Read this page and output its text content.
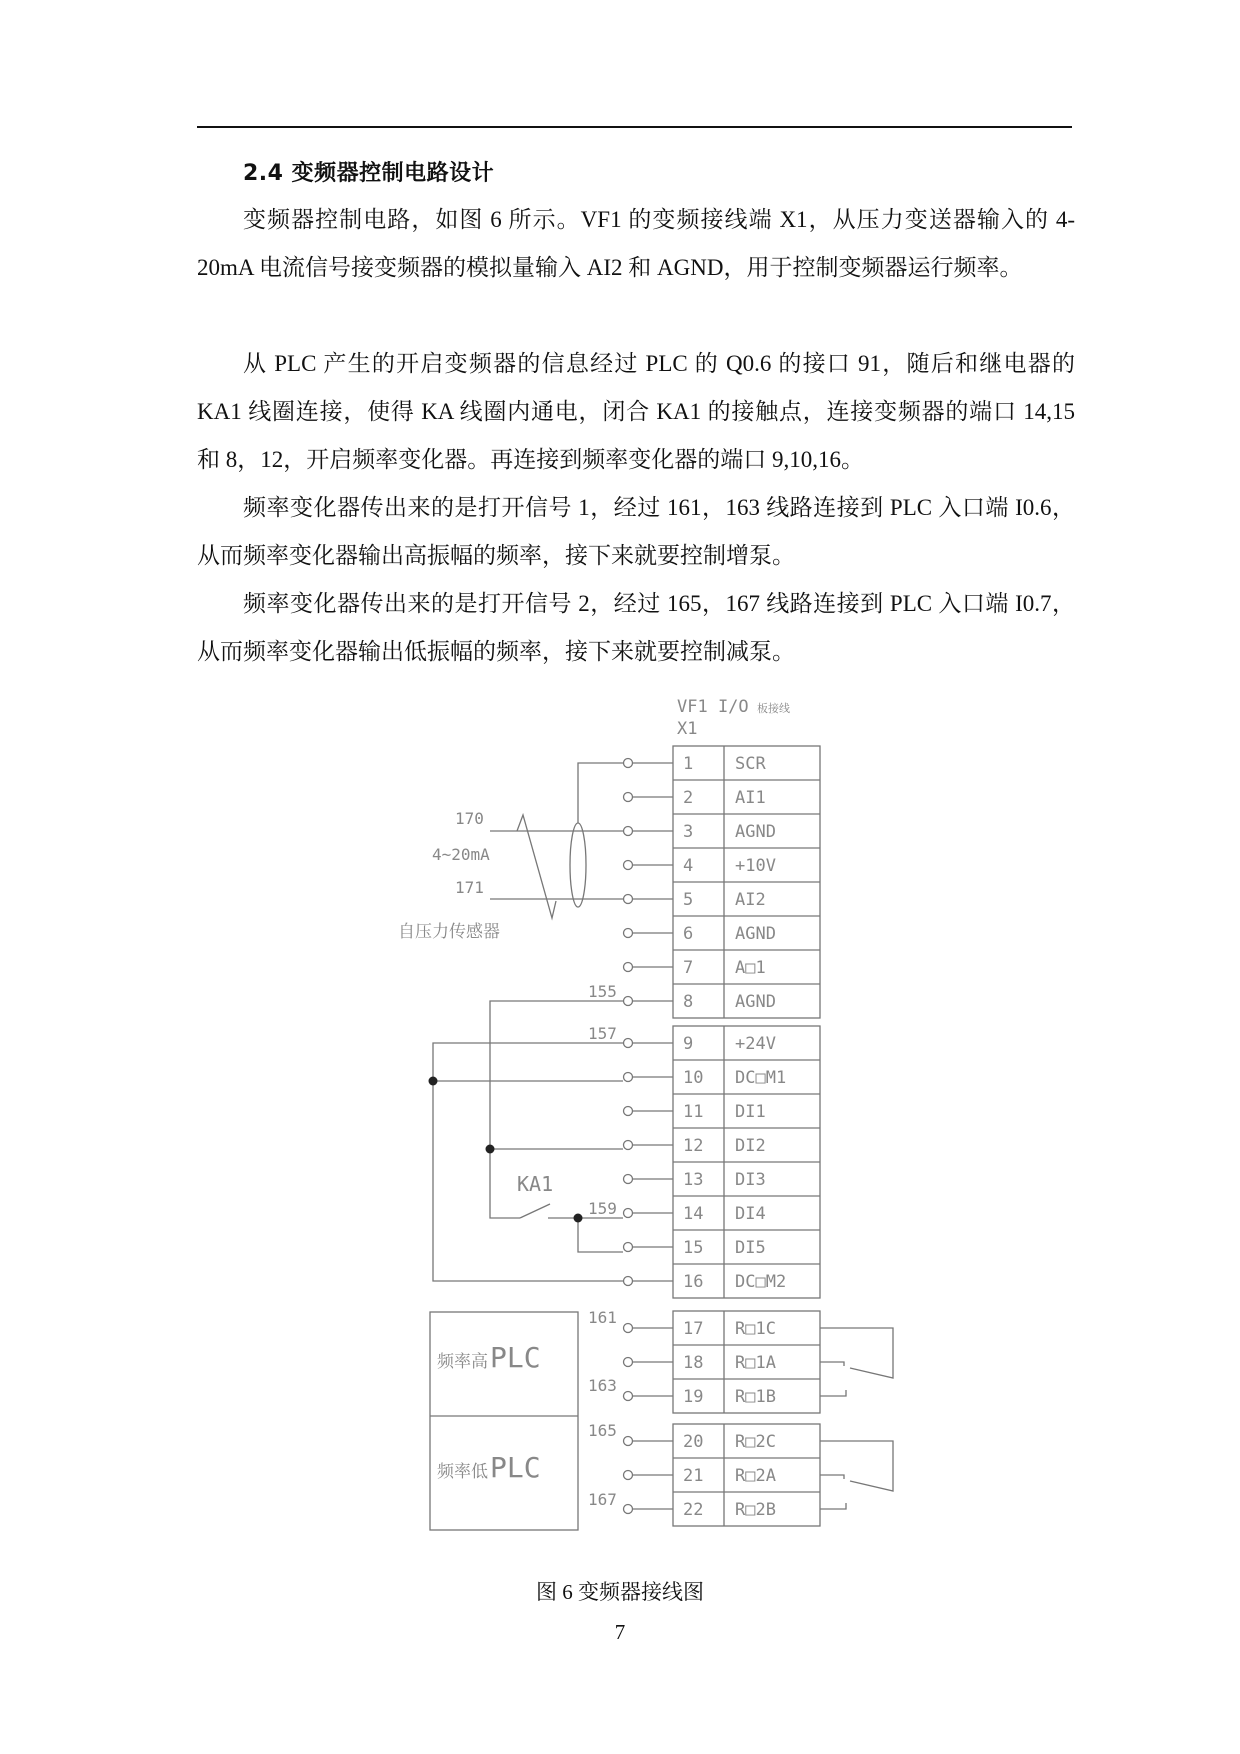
2.4 变频器控制电路设计

变频器控制电路，如图 6 所示。VF1 的变频接线端 X1，从压力变送器输入的 4-20mA 电流信号接变频器的模拟量输入 AI2 和 AGND，用于控制变频器运行频率。

从 PLC 产生的开启变频器的信息经过 PLC 的 Q0.6 的接口 91，随后和继电器的 KA1 线圈连接，使得 KA 线圈内通电，闭合 KA1 的接触点，连接变频器的端口 14,15 和 8，12，开启频率变化器。再连接到频率变化器的端口 9,10,16。

频率变化器传出来的是打开信号 1，经过 161，163 线路连接到 PLC 入口端 I0.6，从而频率变化器输出高振幅的频率，接下来就要控制增泵。

频率变化器传出来的是打开信号 2，经过 165，167 线路连接到 PLC 入口端 I0.7，从而频率变化器输出低振幅的频率，接下来就要控制减泵。

VF1 I/O 板接线
X1
170
4~20mA
171
自压力传感器
155
157
159
161
163
165
167
KA1
频率高 PLC
频率低 PLC
1 SCR
2 AI1
3 AGND
4 +10V
5 AI2
6 AGND
7 A□1
8 AGND
9 +24V
10 DC□M1
11 DI1
12 DI2
13 DI3
14 DI4
15 DI5
16 DC□M2
17 R□1C
18 R□1A
19 R□1B
20 R□2C
21 R□2A
22 R□2B
图 6 变频器接线图
7
